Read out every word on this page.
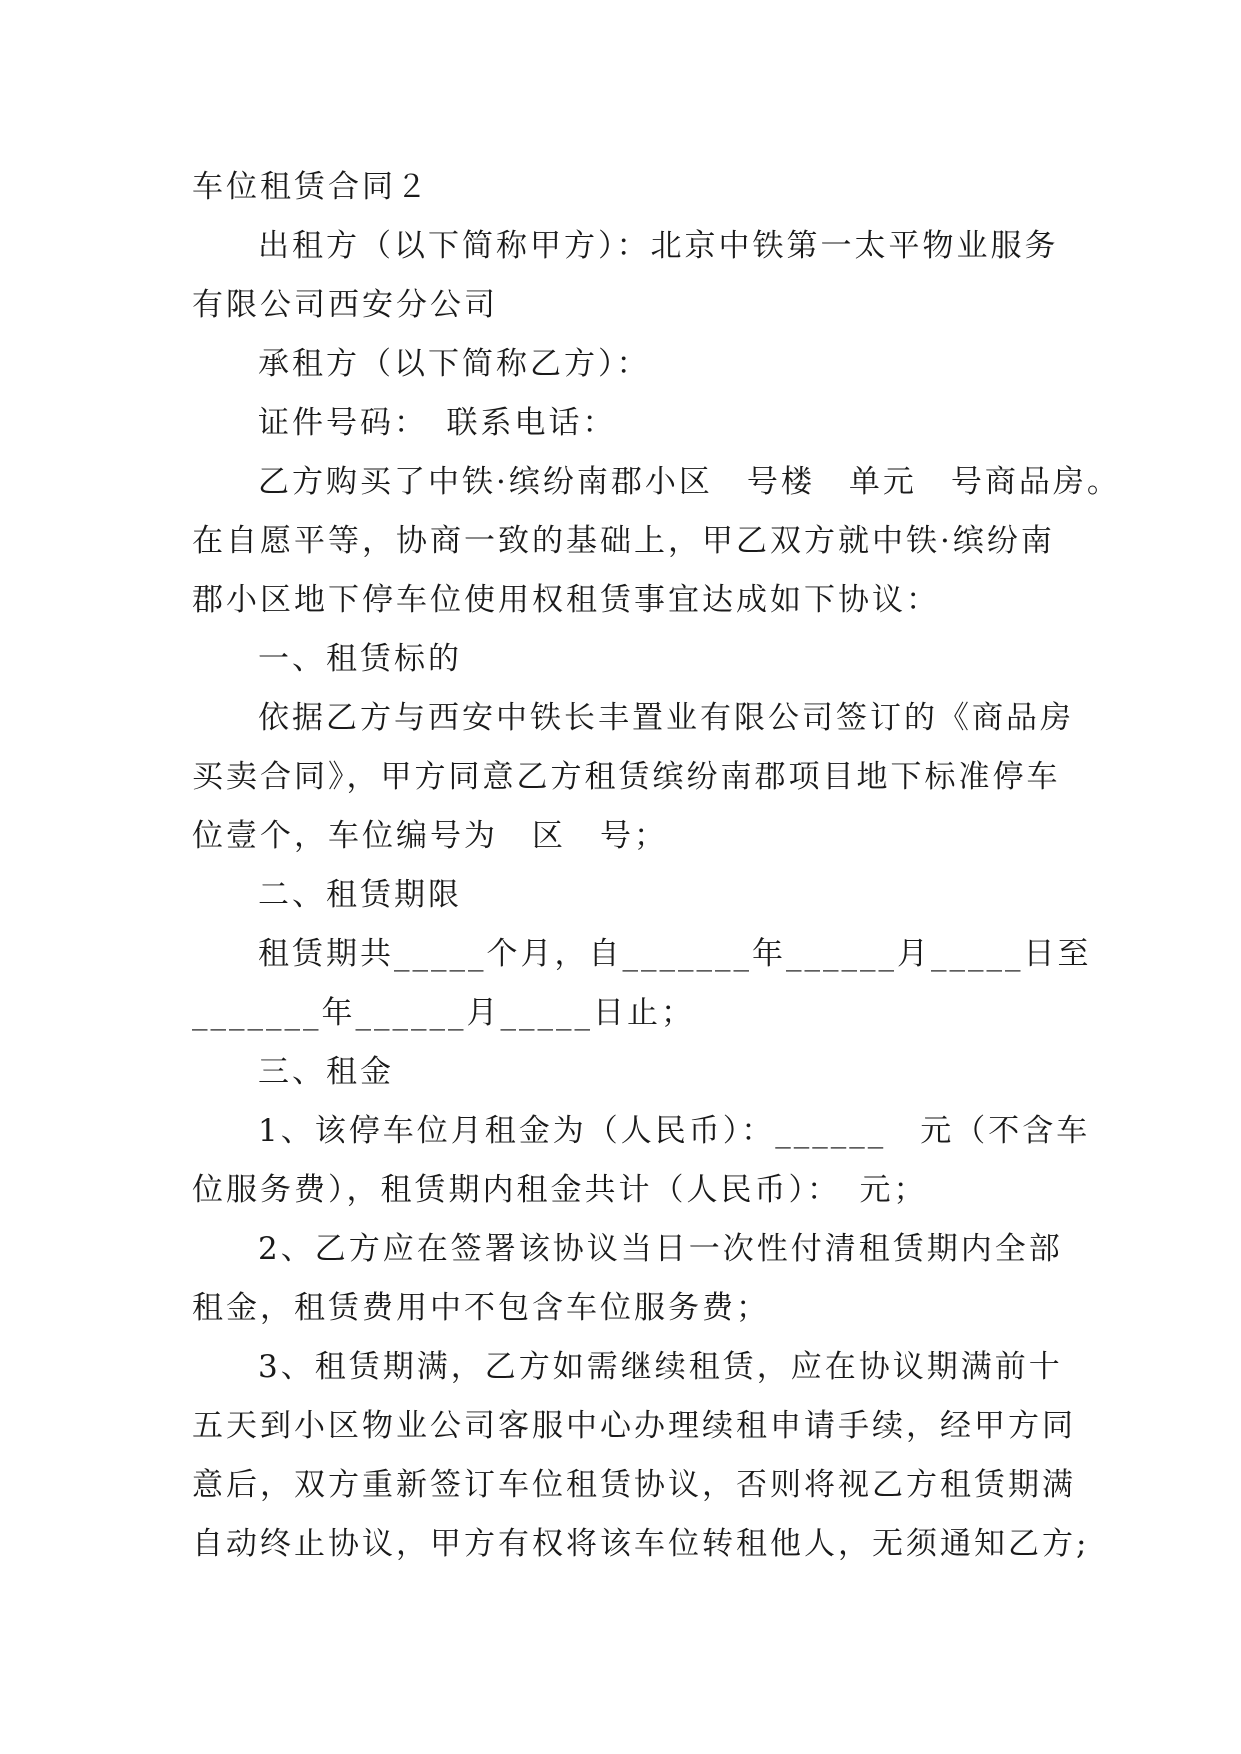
车位租赁合同２
出租方（以下简称甲方）：北京中铁第一太平物业服务
有限公司西安分公司
承租方（以下简称乙方）：
证件号码：　联系电话：
乙方购买了中铁·缤纷南郡小区　号楼　单元　号商品房。
在自愿平等，协商一致的基础上，甲乙双方就中铁·缤纷南
郡小区地下停车位使用权租赁事宜达成如下协议：
一、租赁标的
依据乙方与西安中铁长丰置业有限公司签订的《商品房
买卖合同》，甲方同意乙方租赁缤纷南郡项目地下标准停车
位壹个，车位编号为　区　号；
二、租赁期限
租赁期共_____个月，自_______年______月_____日至
_______年______月_____日止；
三、租金
1、该停车位月租金为（人民币）：______　元（不含车
位服务费），租赁期内租金共计（人民币）：　元；
2、乙方应在签署该协议当日一次性付清租赁期内全部
租金，租赁费用中不包含车位服务费；
3、租赁期满，乙方如需继续租赁，应在协议期满前十
五天到小区物业公司客服中心办理续租申请手续，经甲方同
意后，双方重新签订车位租赁协议，否则将视乙方租赁期满
自动终止协议，甲方有权将该车位转租他人，无须通知乙方;
